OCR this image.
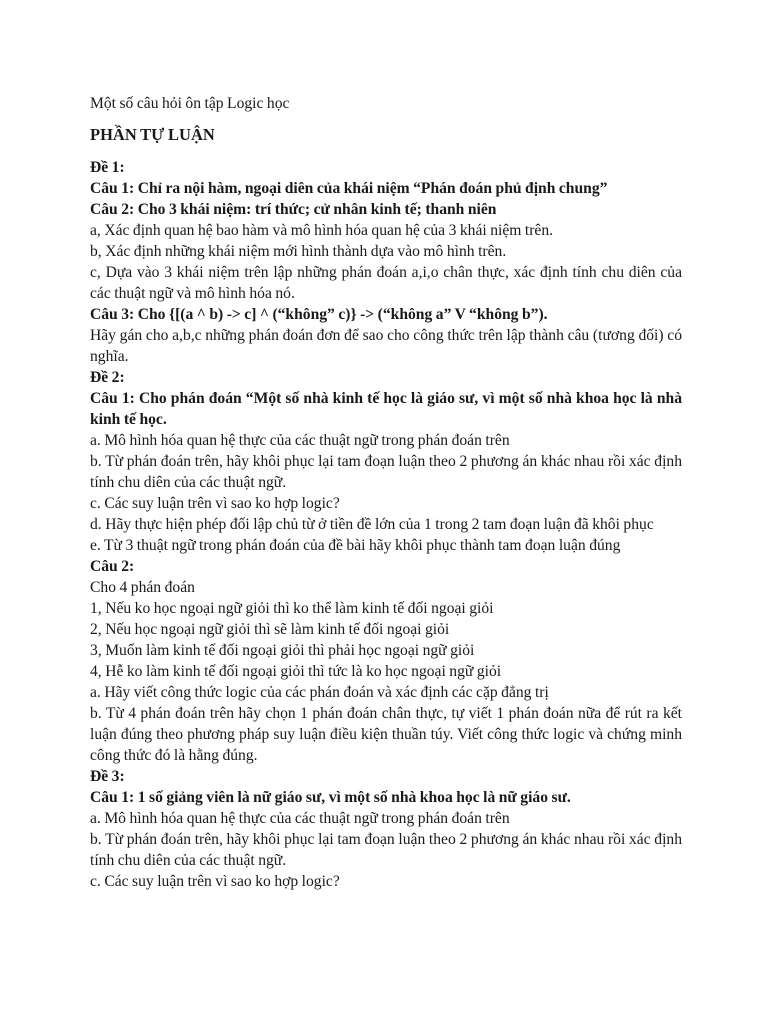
Một số câu hỏi ôn tập Logic học

PHẦN TỰ LUẬN

Đề 1:

Câu 1: Chỉ ra nội hàm, ngoại diên của khái niệm “Phán đoán phủ định chung”

Câu 2: Cho 3 khái niệm: trí thức; cử nhân kinh tế; thanh niên

a, Xác định quan hệ bao hàm và mô hình hóa quan hệ của 3 khái niệm trên.

b, Xác định những khái niệm mới hình thành dựa vào mô hình trên.

c, Dựa vào 3 khái niệm trên lập những phán đoán a,i,o chân thực, xác định tính chu diên của các thuật ngữ và mô hình hóa nó.

Câu 3: Cho {[(a ^ b) -> c] ^ (“không” c)} -> (“không a” V “không b”).

Hãy gán cho a,b,c những phán đoán đơn để sao cho công thức trên lập thành câu (tương đối) có nghĩa.

Đề 2:

Câu 1: Cho phán đoán “Một số nhà kinh tế học là giáo sư, vì một số nhà khoa học là nhà kinh tế học.

a. Mô hình hóa quan hệ thực của các thuật ngữ trong phán đoán trên

b. Từ phán đoán trên, hãy khôi phục lại tam đoạn luận theo 2 phương án khác nhau rồi xác định tính chu diên của các thuật ngữ.

c. Các suy luận trên vì sao ko hợp logic?

d. Hãy thực hiện phép đối lập chủ từ ở tiền đề lớn của 1 trong 2 tam đoạn luận đã khôi phục

e. Từ 3 thuật ngữ trong phán đoán của đề bài hãy khôi phục thành tam đoạn luận đúng

Câu 2:

Cho 4 phán đoán

1, Nếu ko học ngoại ngữ giỏi thì ko thể làm kinh tế đối ngoại giỏi

2, Nếu học ngoại ngữ giỏi thì sẽ làm kinh tế đối ngoại giỏi

3, Muốn làm kinh tế đối ngoại giỏi thì phải học ngoại ngữ giỏi

4, Hễ ko làm kinh tế đối ngoại giỏi thì tức là ko học ngoại ngữ giỏi

a. Hãy viết công thức logic của các phán đoán và xác định các cặp đẳng trị

b. Từ 4 phán đoán trên hãy chọn 1 phán đoán chân thực, tự viết 1 phán đoán nữa để rút ra kết luận đúng theo phương pháp suy luận điều kiện thuần túy. Viết công thức logic và chứng minh công thức đó là hằng đúng.

Đề 3:

Câu 1: 1 số giảng viên là nữ giáo sư, vì một số nhà khoa học là nữ giáo sư.

a. Mô hình hóa quan hệ thực của các thuật ngữ trong phán đoán trên

b. Từ phán đoán trên, hãy khôi phục lại tam đoạn luận theo 2 phương án khác nhau rồi xác định tính chu diên của các thuật ngữ.

c. Các suy luận trên vì sao ko hợp logic?
